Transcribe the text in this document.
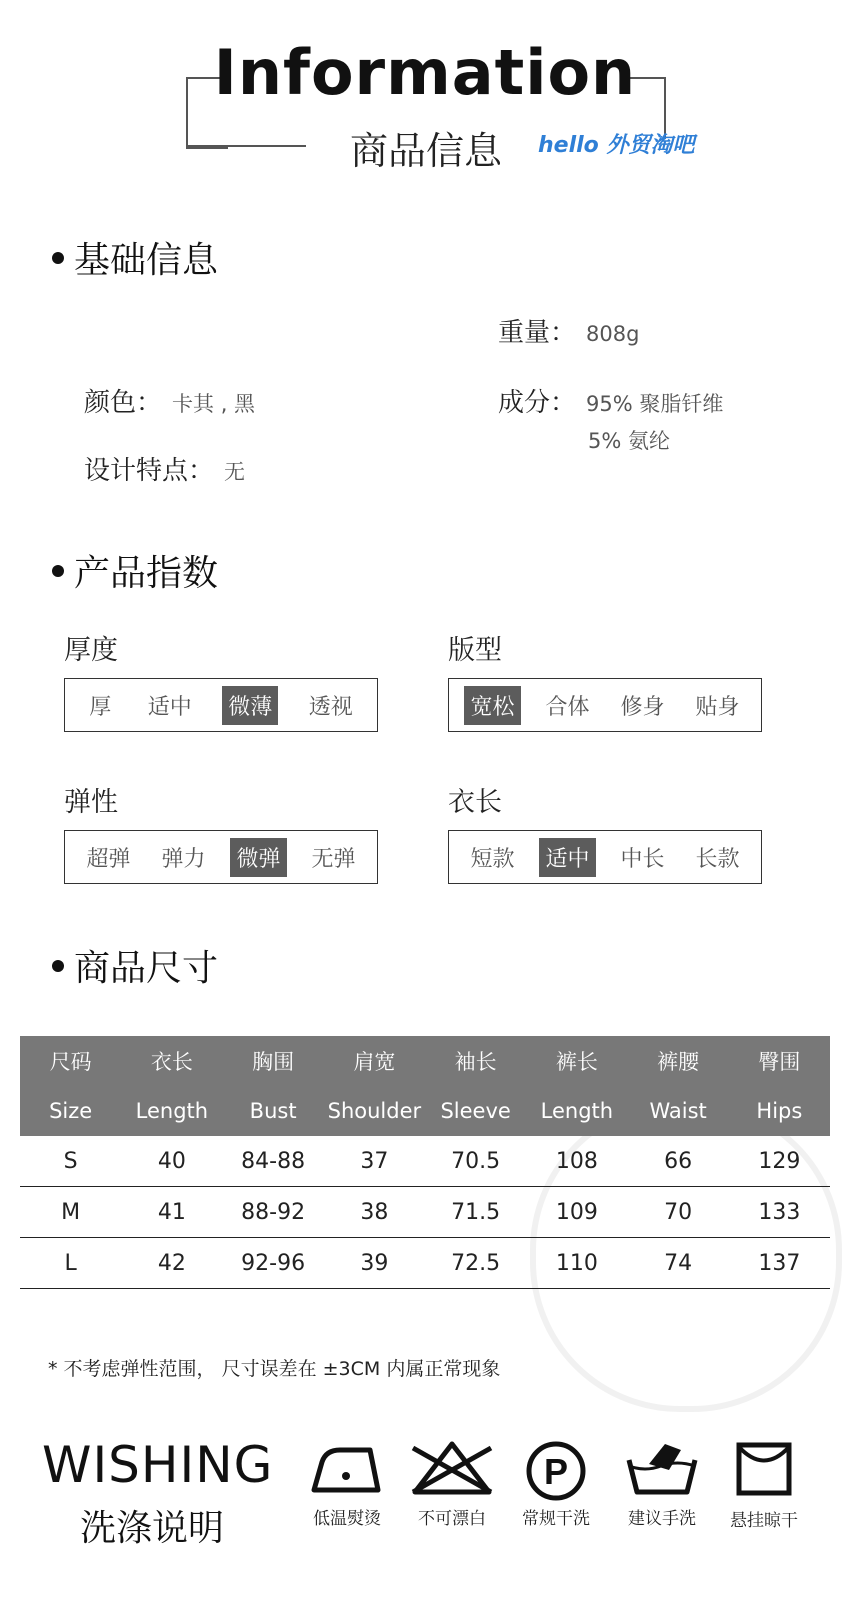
Information
商品信息 hello 外贸淘吧
基础信息
重量： 808g
颜色： 卡其 , 黑	成分： 95% 聚脂钎维
5% 氨纶
设计特点： 无
产品指数
厚度
厚 适中 微薄 透视
版型
宽松 合体 修身 贴身
弹性
超弹 弹力 微弹 无弹
衣长
短款 适中 中长 长款
商品尺寸
尺码	衣长	胸围	肩宽	袖长	裤长	裤腰	臀围
Size	Length	Bust	Shoulder	Sleeve	Length	Waist	Hips
S	40	84-88	37	70.5	108	66	129
M	41	88-92	38	71.5	109	70	133
L	42	92-96	39	72.5	110	74	137
* 不考虑弹性范围， 尺寸误差在 ±3CM 内属正常现象
WISHING
洗涤说明	低温熨烫	不可漂白
P
常规干洗	建议手洗	悬挂晾干
